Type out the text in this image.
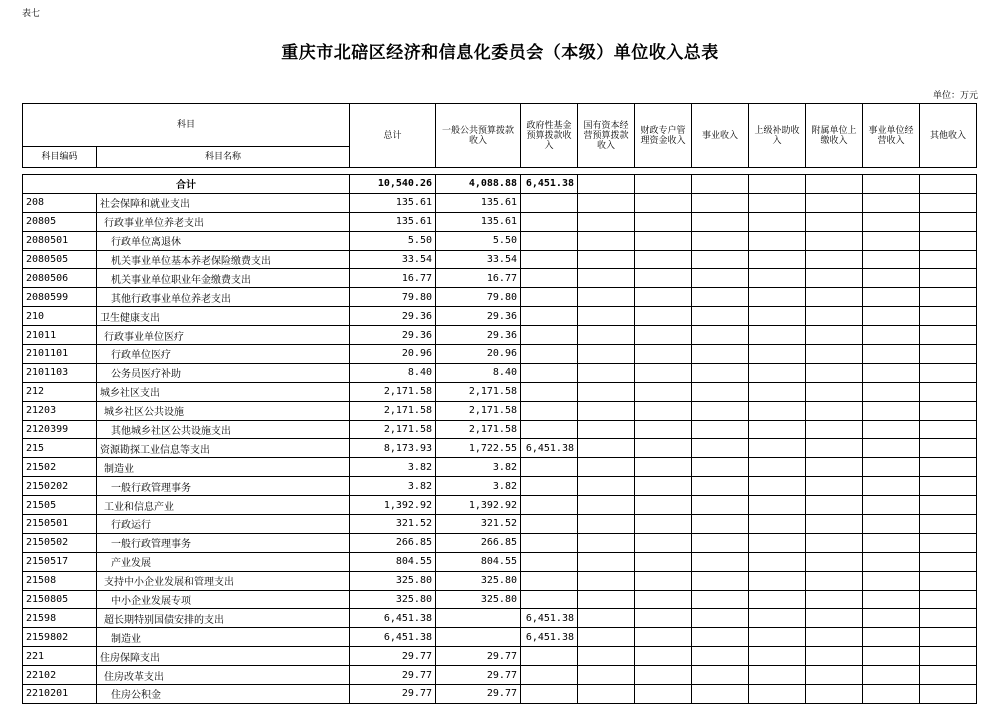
表七
重庆市北碚区经济和信息化委员会（本级）单位收入总表
单位：万元
科目		总计	一般公共预算拨款收入	政府性基金预算拨款收入	国有资本经营预算拨款收入	财政专户管理资金收入	事业收入	上级补助收入	附属单位上缴收入	事业单位经营收入	其他收入
科目编码	科目名称										

合计		10,540.26	4,088.88	6,451.38							
208	社会保障和就业支出	135.61	135.61								
20805	行政事业单位养老支出	135.61	135.61								
2080501	行政单位离退休	5.50	5.50								
2080505	机关事业单位基本养老保险缴费支出	33.54	33.54								
2080506	机关事业单位职业年金缴费支出	16.77	16.77								
2080599	其他行政事业单位养老支出	79.80	79.80								
210	卫生健康支出	29.36	29.36								
21011	行政事业单位医疗	29.36	29.36								
2101101	行政单位医疗	20.96	20.96								
2101103	公务员医疗补助	8.40	8.40								
212	城乡社区支出	2,171.58	2,171.58								
21203	城乡社区公共设施	2,171.58	2,171.58								
2120399	其他城乡社区公共设施支出	2,171.58	2,171.58								
215	资源勘探工业信息等支出	8,173.93	1,722.55	6,451.38							
21502	制造业	3.82	3.82								
2150202	一般行政管理事务	3.82	3.82								
21505	工业和信息产业	1,392.92	1,392.92								
2150501	行政运行	321.52	321.52								
2150502	一般行政管理事务	266.85	266.85								
2150517	产业发展	804.55	804.55								
21508	支持中小企业发展和管理支出	325.80	325.80								
2150805	中小企业发展专项	325.80	325.80								
21598	超长期特别国债安排的支出	6,451.38		6,451.38							
2159802	制造业	6,451.38		6,451.38							
221	住房保障支出	29.77	29.77								
22102	住房改革支出	29.77	29.77								
2210201	住房公积金	29.77	29.77								
